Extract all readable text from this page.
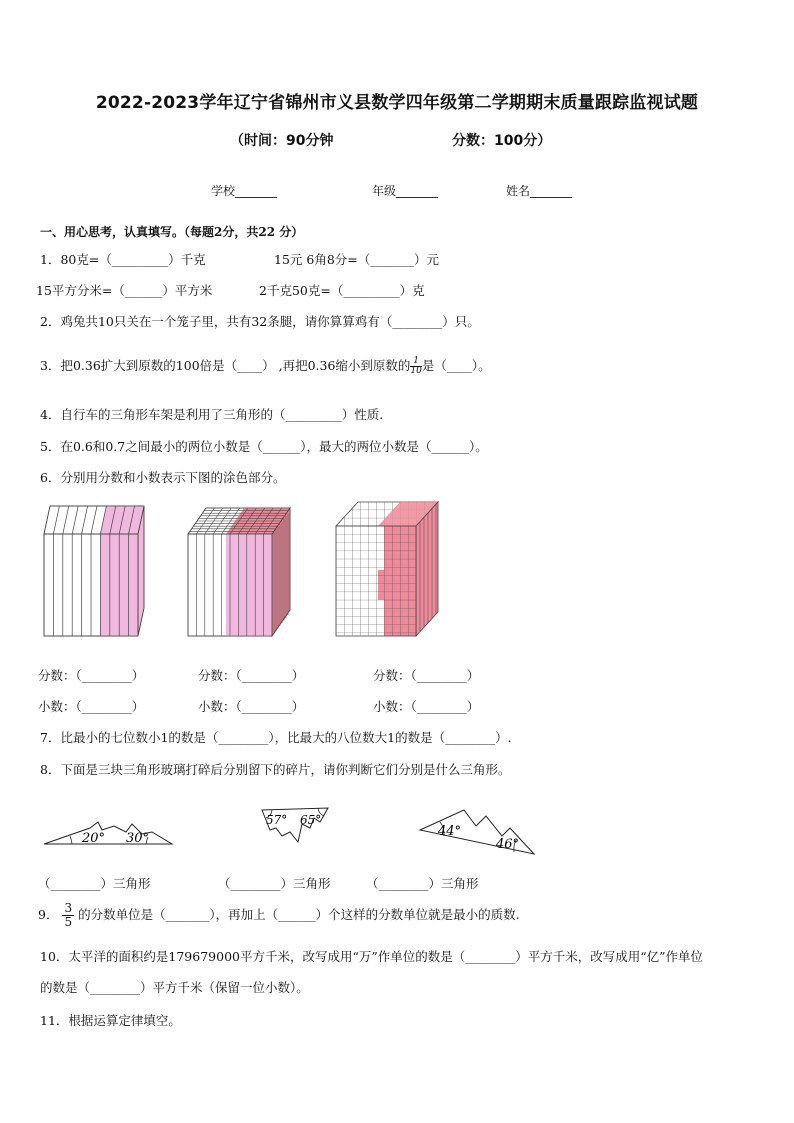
2022-2023学年辽宁省锦州市义县数学四年级第二学期期末质量跟踪监视试题
（时间：90分钟	分数：100分）
学校_______	年级_______	姓名_______
一、用心思考，认真填写。（每题2分，共22 分）
1．80克=（_________）千克	15元 6角8分=（_______）元
15平方分米=（______）平方米	2千克50克=（_________）克
2．鸡兔共10只关在一个笼子里，共有32条腿，请你算算鸡有（________）只。
3．把0.36扩大到原数的100倍是（____） ,再把0.36缩小到原数的 $\frac{1}{10}$ 是（____）。
4．自行车的三角形车架是利用了三角形的（_________）性质.
5．在0.6和0.7之间最小的两位小数是（______），最大的两位小数是（______）。
6．分别用分数和小数表示下图的涂色部分。
分数：（________）	分数：（________）	分数：（________）
小数：（________）	小数：（________）	小数：（________）
7．比最小的七位数小1的数是（________），比最大的八位数大1的数是（________）.
8．下面是三块三角形玻璃打碎后分别留下的碎片，请你判断它们分别是什么三角形。
20° 30°
57° 65°
44°
46°
（________）三角形	（________）三角形	（________）三角形
9． $\frac{3}{5}$ 的分数单位是（_______），再加上（______）个这样的分数单位就是最小的质数.
10．太平洋的面积约是179679000平方千米，改写成用“万”作单位的数是（________）平方千米，改写成用“亿”作单位
的数是（________）平方千米（保留一位小数）。
11．根据运算定律填空。
